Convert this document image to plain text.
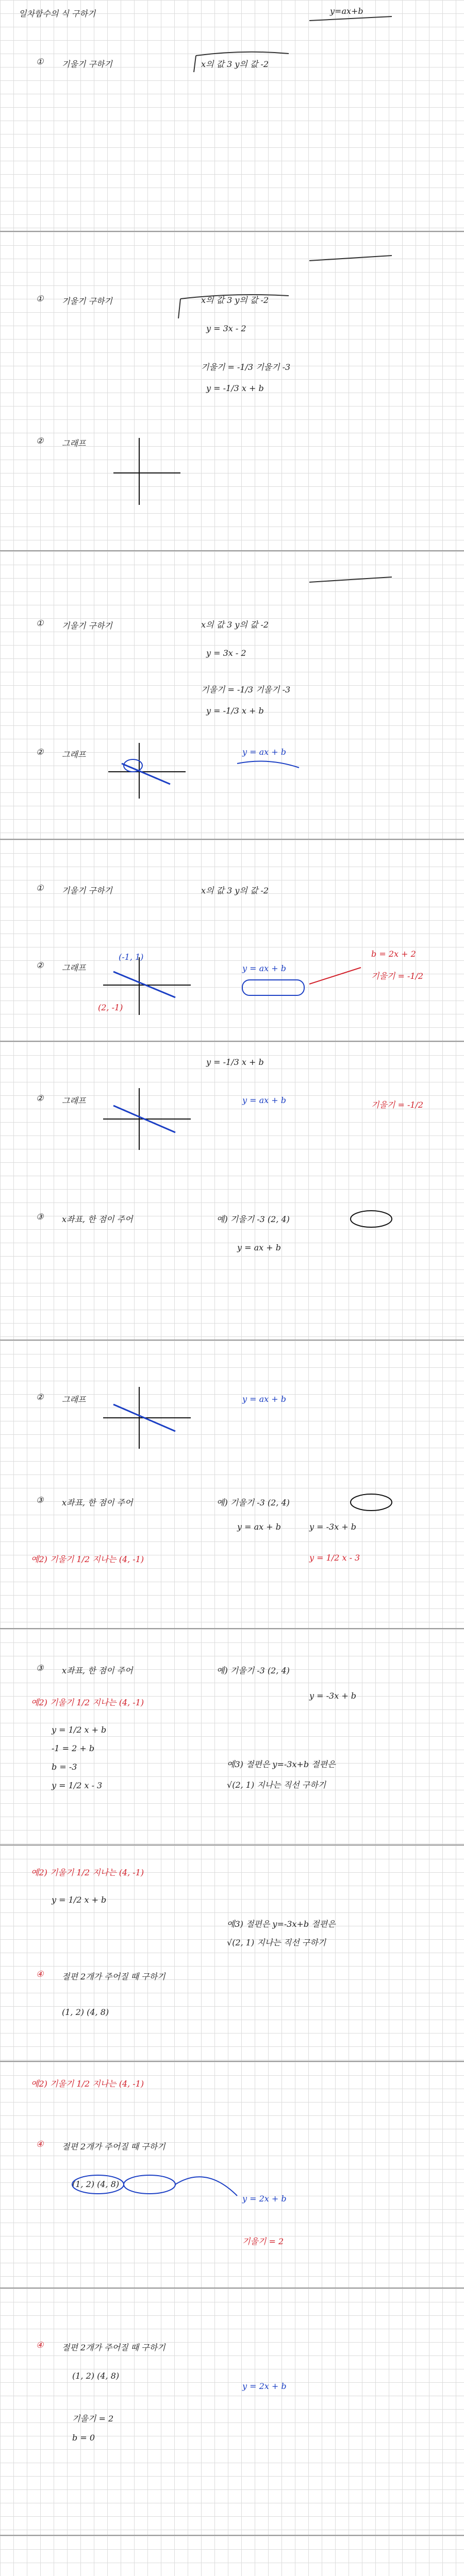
일차함수의 식 구하기	y=ax+b
① 기울기 구하기	x의 값 3 y의 값 -2
① 기울기 구하기	x의 값 3 y의 값 -2
y = 3x - 2
기울기 = -1/3 기울기 -3
y = -1/3 x + b
② 그래프
① 기울기 구하기	x의 값 3 y의 값 -2
y = 3x - 2
기울기 = -1/3 기울기 -3
y = -1/3 x + b
② 그래프	y = ax + b
① 기울기 구하기	x의 값 3 y의 값 -2
② 그래프	y = ax + b
기울기 = -1/2
b = 2x + 2
(-1, 1)
(2, -1)
y = -1/3 x + b
② 그래프	y = ax + b	기울기 = -1/2
③ x좌표, 한 점이 주어	예) 기울기 -3 (2, 4)
y = ax + b
② 그래프	y = ax + b
③ x좌표, 한 점이 주어	예) 기울기 -3 (2, 4)
y = ax + b	y = -3x + b
예2) 기울기 1/2 지나는 (4, -1)	y = 1/2 x - 3
③ x좌표, 한 점이 주어	예) 기울기 -3 (2, 4)
y = -3x + b
예2) 기울기 1/2 지나는 (4, -1)
y = 1/2 x + b
-1 = 2 + b
b = -3
y = 1/2 x - 3
예3) 절편은 y=-3x+b 절편은
√(2, 1) 지나는 직선 구하기
예2) 기울기 1/2 지나는 (4, -1)
y = 1/2 x + b
예3) 절편은 y=-3x+b 절편은
√(2, 1) 지나는 직선 구하기
④ 절편 2개가 주어질 때 구하기
(1, 2) (4, 8)
예2) 기울기 1/2 지나는 (4, -1)
④ 절편 2개가 주어질 때 구하기
(1, 2) (4, 8)
y = 2x + b
기울기 = 2
④ 절편 2개가 주어질 때 구하기
(1, 2) (4, 8)
y = 2x + b
기울기 = 2
b = 0
